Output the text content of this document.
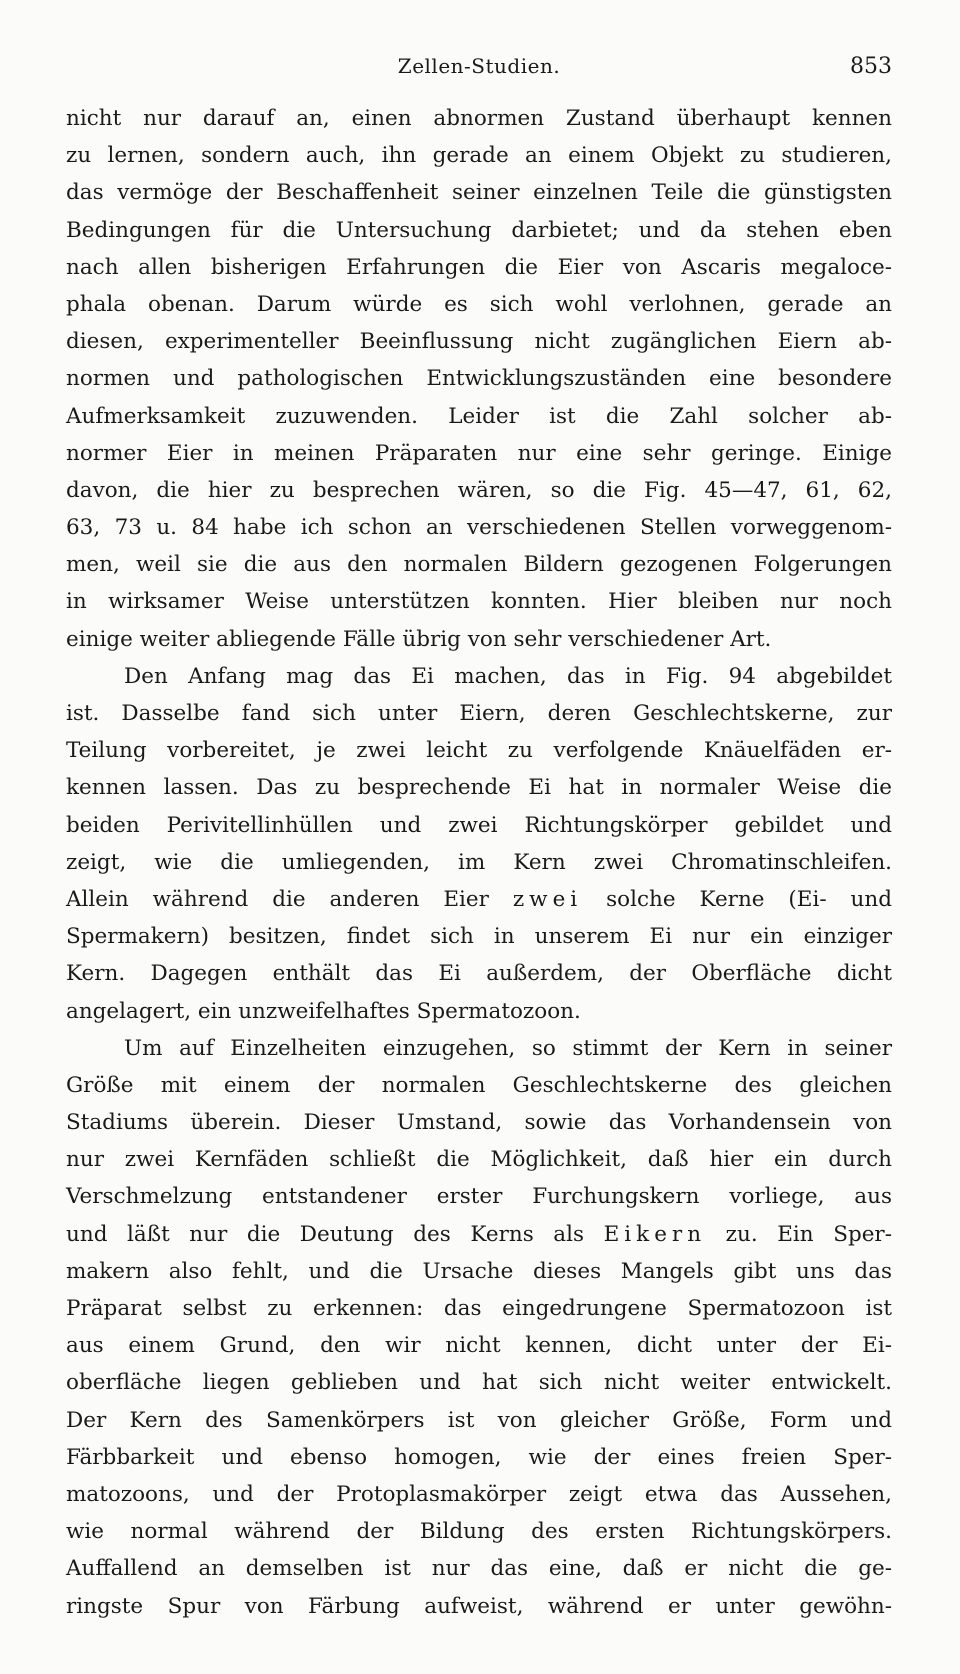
Zellen-Studien.	853
nicht nur darauf an, einen abnormen Zustand überhaupt kennen
zu lernen, sondern auch, ihn gerade an einem Objekt zu studieren,
das vermöge der Beschaffenheit seiner einzelnen Teile die günstigsten
Bedingungen für die Untersuchung darbietet; und da stehen eben
nach allen bisherigen Erfahrungen die Eier von Ascaris megaloce-
phala obenan. Darum würde es sich wohl verlohnen, gerade an
diesen, experimenteller Beeinflussung nicht zugänglichen Eiern ab-
normen und pathologischen Entwicklungszuständen eine besondere
Aufmerksamkeit zuzuwenden. Leider ist die Zahl solcher ab-
normer Eier in meinen Präparaten nur eine sehr geringe. Einige
davon, die hier zu besprechen wären, so die Fig. 45—47, 61, 62,
63, 73 u. 84 habe ich schon an verschiedenen Stellen vorweggenom-
men, weil sie die aus den normalen Bildern gezogenen Folgerungen
in wirksamer Weise unterstützen konnten. Hier bleiben nur noch
einige weiter abliegende Fälle übrig von sehr verschiedener Art.
Den Anfang mag das Ei machen, das in Fig. 94 abgebildet
ist. Dasselbe fand sich unter Eiern, deren Geschlechtskerne, zur
Teilung vorbereitet, je zwei leicht zu verfolgende Knäuelfäden er-
kennen lassen. Das zu besprechende Ei hat in normaler Weise die
beiden Perivitellinhüllen und zwei Richtungskörper gebildet und
zeigt, wie die umliegenden, im Kern zwei Chromatinschleifen.
Allein während die anderen Eier zwei solche Kerne (Ei- und
Spermakern) besitzen, findet sich in unserem Ei nur ein einziger
Kern. Dagegen enthält das Ei außerdem, der Oberfläche dicht
angelagert, ein unzweifelhaftes Spermatozoon.
Um auf Einzelheiten einzugehen, so stimmt der Kern in seiner
Größe mit einem der normalen Geschlechtskerne des gleichen
Stadiums überein. Dieser Umstand, sowie das Vorhandensein von
nur zwei Kernfäden schließt die Möglichkeit, daß hier ein durch
Verschmelzung entstandener erster Furchungskern vorliege, aus
und läßt nur die Deutung des Kerns als Eikern zu. Ein Sper-
makern also fehlt, und die Ursache dieses Mangels gibt uns das
Präparat selbst zu erkennen: das eingedrungene Spermatozoon ist
aus einem Grund, den wir nicht kennen, dicht unter der Ei-
oberfläche liegen geblieben und hat sich nicht weiter entwickelt.
Der Kern des Samenkörpers ist von gleicher Größe, Form und
Färbbarkeit und ebenso homogen, wie der eines freien Sper-
matozoons, und der Protoplasmakörper zeigt etwa das Aussehen,
wie normal während der Bildung des ersten Richtungskörpers.
Auffallend an demselben ist nur das eine, daß er nicht die ge-
ringste Spur von Färbung aufweist, während er unter gewöhn-
